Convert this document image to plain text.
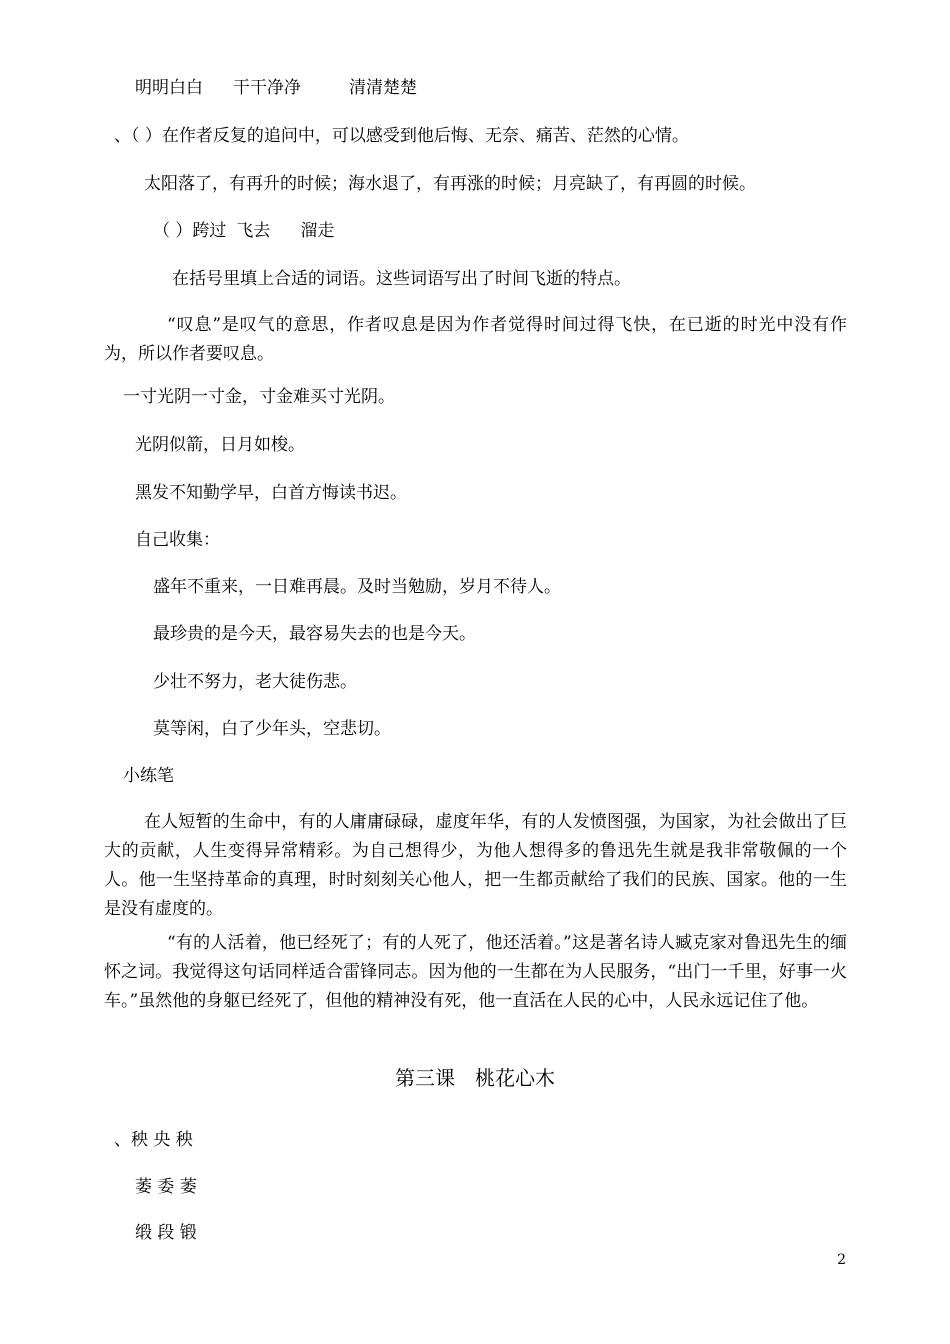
明明白白 干干净净	清清楚楚
、（ ）在作者反复的追问中，可以感受到他后悔、无奈、痛苦、茫然的心情。
太阳落了，有再升的时候；海水退了，有再涨的时候；月亮缺了，有再圆的时候。
（ ）跨过 飞去 溜走
在括号里填上合适的词语。这些词语写出了时间飞逝的特点。
“叹息”是叹气的意思，作者叹息是因为作者觉得时间过得飞快，在已逝的时光中没有作为，所以作者要叹息。
一寸光阴一寸金，寸金难买寸光阴。
光阴似箭，日月如梭。
黑发不知勤学早，白首方悔读书迟。
自己收集：
盛年不重来，一日难再晨。及时当勉励，岁月不待人。
最珍贵的是今天，最容易失去的也是今天。
少壮不努力，老大徒伤悲。
莫等闲，白了少年头，空悲切。
小练笔
在人短暂的生命中，有的人庸庸碌碌，虚度年华，有的人发愤图强，为国家，为社会做出了巨大的贡献，人生变得异常精彩。为自己想得少，为他人想得多的鲁迅先生就是我非常敬佩的一个人。他一生坚持革命的真理，时时刻刻关心他人，把一生都贡献给了我们的民族、国家。他的一生是没有虚度的。
“有的人活着，他已经死了；有的人死了，他还活着。”这是著名诗人臧克家对鲁迅先生的缅怀之词。我觉得这句话同样适合雷锋同志。因为他的一生都在为人民服务，“出门一千里，好事一火车。”虽然他的身躯已经死了，但他的精神没有死，他一直活在人民的心中，人民永远记住了他。
第三课　桃花心木
、秧 央 秧
萎 委 萎
缎 段 锻
2
